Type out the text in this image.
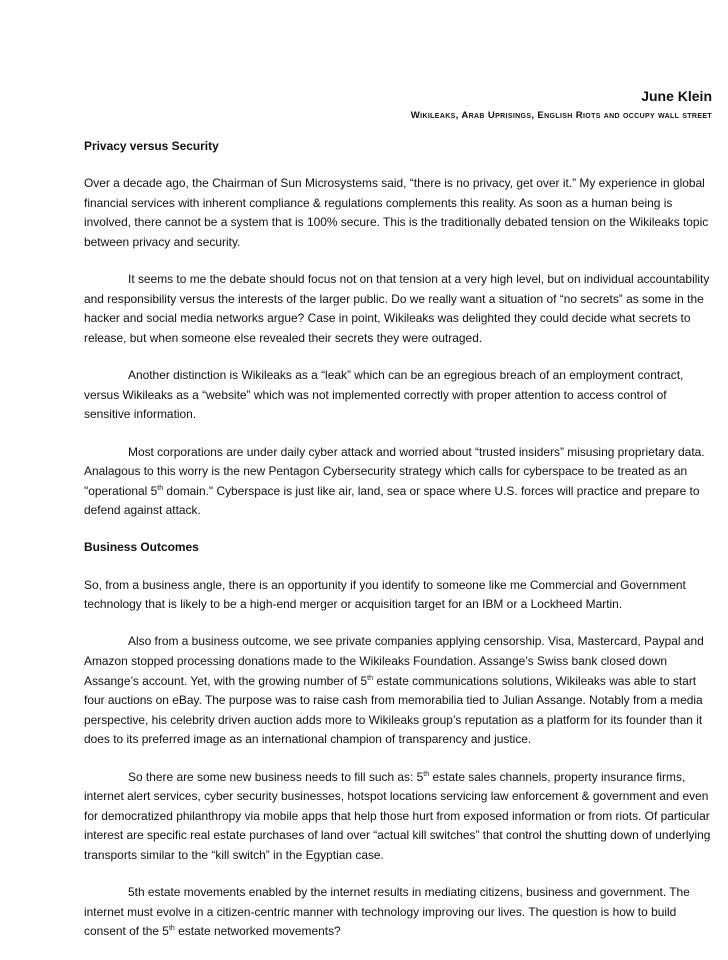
June Klein
Wikileaks, Arab Uprisings, English Riots and occupy wall street

Privacy versus Security

Over a decade ago, the Chairman of Sun Microsystems said, “there is no privacy, get over it.” My experience in global financial services with inherent compliance & regulations complements this reality. As soon as a human being is involved, there cannot be a system that is 100% secure. This is the traditionally debated tension on the Wikileaks topic between privacy and security.

It seems to me the debate should focus not on that tension at a very high level, but on individual accountability and responsibility versus the interests of the larger public. Do we really want a situation of “no secrets” as some in the hacker and social media networks argue? Case in point, Wikileaks was delighted they could decide what secrets to release, but when someone else revealed their secrets they were outraged.

Another distinction is Wikileaks as a “leak” which can be an egregious breach of an employment contract, versus Wikileaks as a “website” which was not implemented correctly with proper attention to access control of sensitive information.

Most corporations are under daily cyber attack and worried about “trusted insiders” misusing proprietary data. Analagous to this worry is the new Pentagon Cybersecurity strategy which calls for cyberspace to be treated as an "operational 5th domain." Cyberspace is just like air, land, sea or space where U.S. forces will practice and prepare to defend against attack.

Business Outcomes

So, from a business angle, there is an opportunity if you identify to someone like me Commercial and Government technology that is likely to be a high-end merger or acquisition target for an IBM or a Lockheed Martin.

Also from a business outcome, we see private companies applying censorship. Visa, Mastercard, Paypal and Amazon stopped processing donations made to the Wikileaks Foundation. Assange’s Swiss bank closed down Assange’s account. Yet, with the growing number of 5th estate communications solutions, Wikileaks was able to start four auctions on eBay. The purpose was to raise cash from memorabilia tied to Julian Assange. Notably from a media perspective, his celebrity driven auction adds more to Wikileaks group’s reputation as a platform for its founder than it does to its preferred image as an international champion of transparency and justice.

So there are some new business needs to fill such as: 5th estate sales channels, property insurance firms, internet alert services, cyber security businesses, hotspot locations servicing law enforcement & government and even for democratized philanthropy via mobile apps that help those hurt from exposed information or from riots. Of particular interest are specific real estate purchases of land over “actual kill switches” that control the shutting down of underlying transports similar to the “kill switch” in the Egyptian case.

5th estate movements enabled by the internet results in mediating citizens, business and government. The internet must evolve in a citizen-centric manner with technology improving our lives. The question is how to build consent of the 5th estate networked movements?
